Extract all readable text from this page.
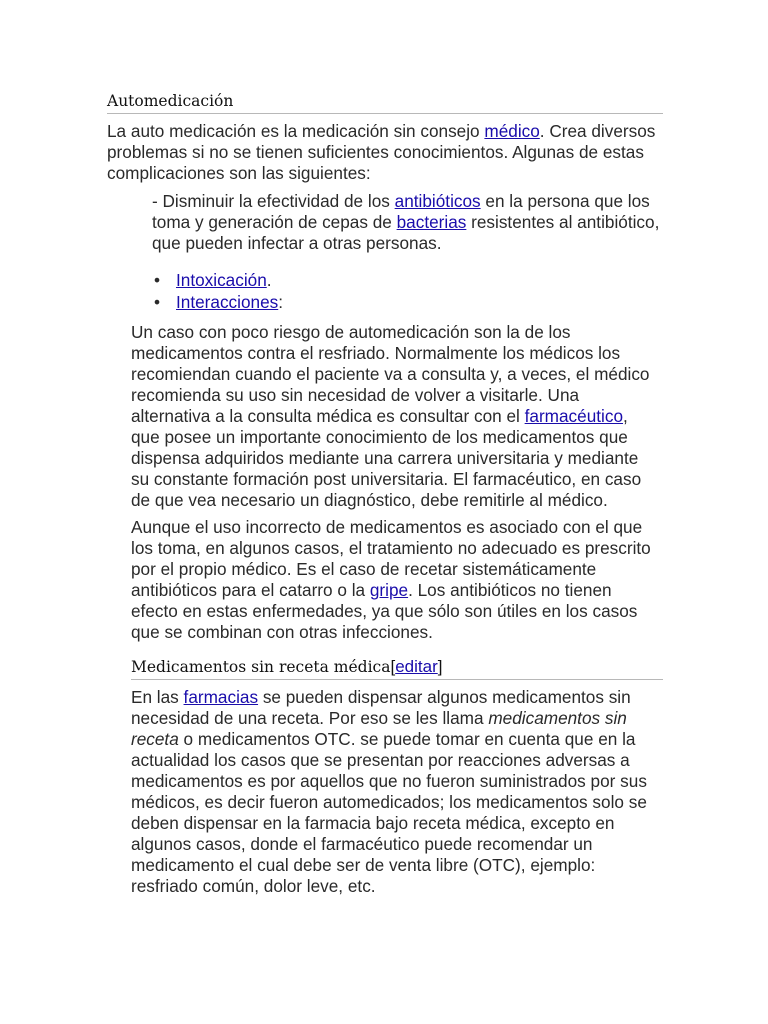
Automedicación

La auto medicación es la medicación sin consejo médico. Crea diversos problemas si no se tienen suficientes conocimientos. Algunas de estas complicaciones son las siguientes:

- Disminuir la efectividad de los antibióticos en la persona que los toma y generación de cepas de bacterias resistentes al antibiótico, que pueden infectar a otras personas.

• Intoxicación.
• Interacciones:

Un caso con poco riesgo de automedicación son la de los medicamentos contra el resfriado. Normalmente los médicos los recomiendan cuando el paciente va a consulta y, a veces, el médico recomienda su uso sin necesidad de volver a visitarle. Una alternativa a la consulta médica es consultar con el farmacéutico, que posee un importante conocimiento de los medicamentos que dispensa adquiridos mediante una carrera universitaria y mediante su constante formación post universitaria. El farmacéutico, en caso de que vea necesario un diagnóstico, debe remitirle al médico.

Aunque el uso incorrecto de medicamentos es asociado con el que los toma, en algunos casos, el tratamiento no adecuado es prescrito por el propio médico. Es el caso de recetar sistemáticamente antibióticos para el catarro o la gripe. Los antibióticos no tienen efecto en estas enfermedades, ya que sólo son útiles en los casos que se combinan con otras infecciones.

Medicamentos sin receta médica[editar]

En las farmacias se pueden dispensar algunos medicamentos sin necesidad de una receta. Por eso se les llama medicamentos sin receta o medicamentos OTC. se puede tomar en cuenta que en la actualidad los casos que se presentan por reacciones adversas a medicamentos es por aquellos que no fueron suministrados por sus médicos, es decir fueron automedicados; los medicamentos solo se deben dispensar en la farmacia bajo receta médica, excepto en algunos casos, donde el farmacéutico puede recomendar un medicamento el cual debe ser de venta libre (OTC), ejemplo: resfriado común, dolor leve, etc.
